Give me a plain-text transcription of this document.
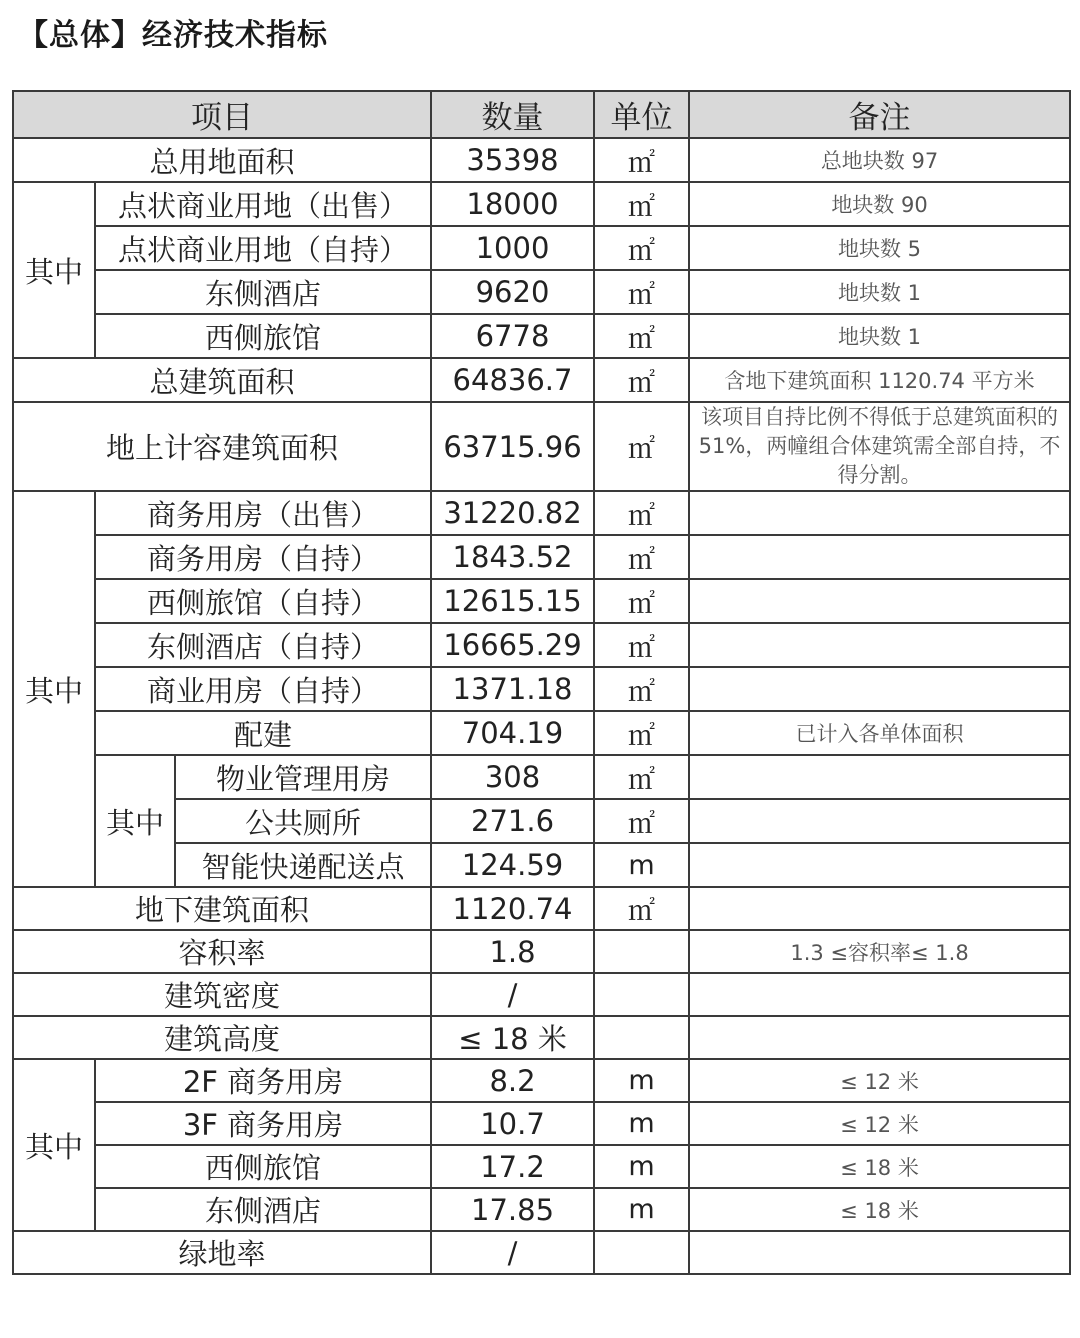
【总体】经济技术指标
项目			数量	单位	备注
总用地面积			35398	㎡	总地块数 97
其中	点状商业用地（出售）		18000	㎡	地块数 90
	点状商业用地（自持）		1000	㎡	地块数 5
	东侧酒店		9620	㎡	地块数 1
	西侧旅馆		6778	㎡	地块数 1
总建筑面积			64836.7	㎡	含地下建筑面积 1120.74 平方米
地上计容建筑面积			63715.96	㎡	该项目自持比例不得低于总建筑面积的51%，两幢组合体建筑需全部自持，不得分割。
其中	商务用房（出售）		31220.82	㎡	
	商务用房（自持）		1843.52	㎡	
	西侧旅馆（自持）		12615.15	㎡	
	东侧酒店（自持）		16665.29	㎡	
	商业用房（自持）		1371.18	㎡	
	配建		704.19	㎡	已计入各单体面积
	其中	物业管理用房	308	㎡	
		公共厕所	271.6	㎡	
		智能快递配送点	124.59	m	
地下建筑面积			1120.74	㎡	
容积率			1.8		1.3 ≤容积率≤ 1.8
建筑密度			/		
建筑高度			≤ 18 米		
其中	2F 商务用房		8.2	m	≤ 12 米
	3F 商务用房		10.7	m	≤ 12 米
	西侧旅馆		17.2	m	≤ 18 米
	东侧酒店		17.85	m	≤ 18 米
绿地率			/		
